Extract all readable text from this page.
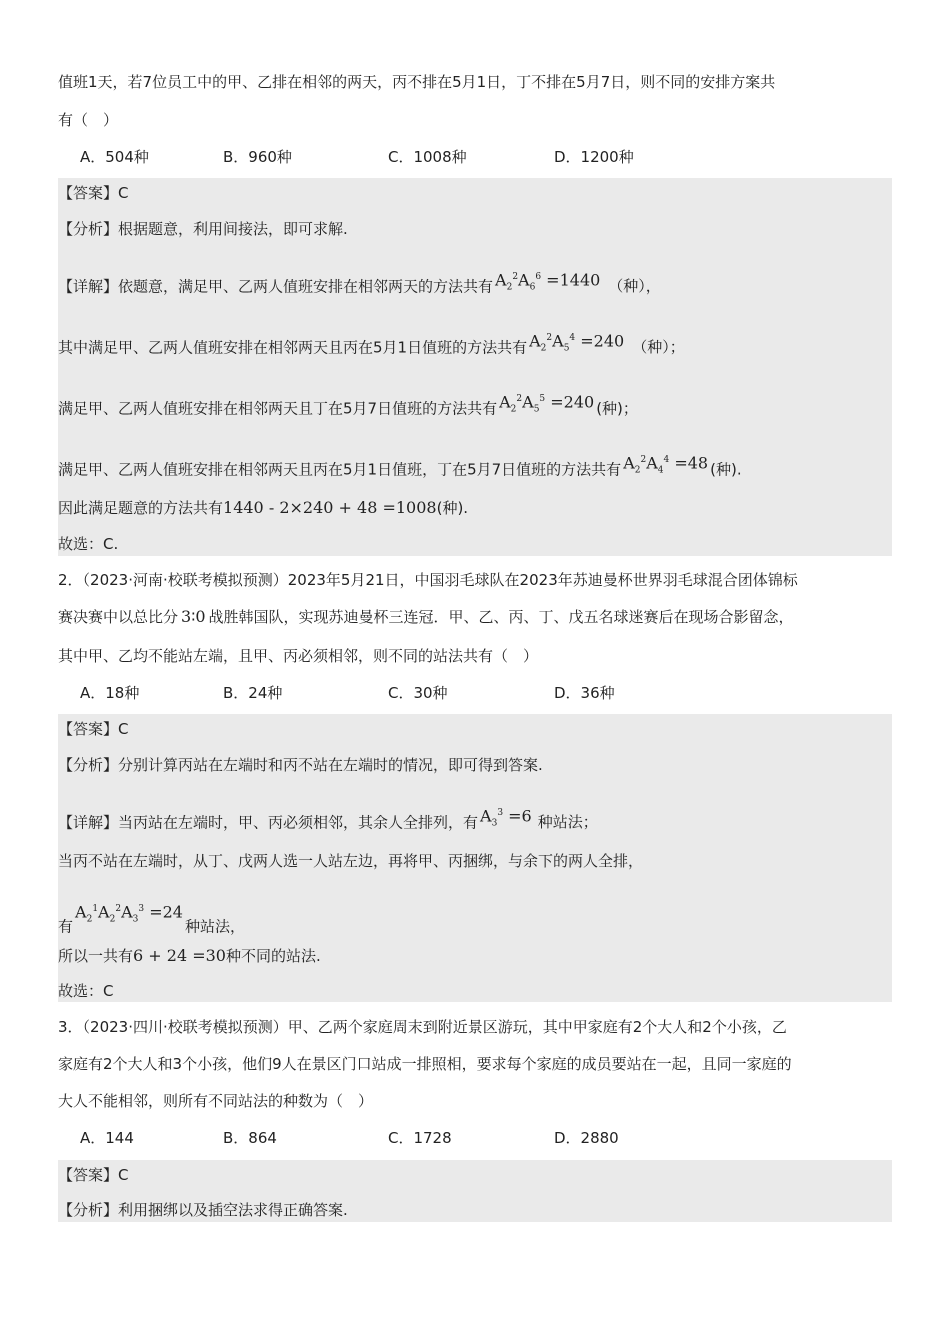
值班1天，若7位员工中的甲、乙排在相邻的两天，丙不排在5月1日，丁不排在5月7日，则不同的安排方案共
有（　）
A．504种	B．960种	C．1008种	D．1200种
【答案】C
【分析】根据题意，利用间接法，即可求解.
【详解】依题意，满足甲、乙两人值班安排在相邻两天的方法共有 $A_2^2A_6^6 =1440$ （种），
其中满足甲、乙两人值班安排在相邻两天且丙在5月1日值班的方法共有 $A_2^2A_5^4 =240$ （种）；
满足甲、乙两人值班安排在相邻两天且丁在5月7日值班的方法共有 $A_2^2A_5^5 =240$ (种)；
满足甲、乙两人值班安排在相邻两天且丙在5月1日值班，丁在5月7日值班的方法共有 $A_2^2A_4^4 =48$ (种).
因此满足题意的方法共有1440 - 2×240 + 48 =1008(种).
故选：C.
2．（2023·河南·校联考模拟预测）2023年5月21日，中国羽毛球队在2023年苏迪曼杯世界羽毛球混合团体锦标
赛决赛中以总比分 3∶0 战胜韩国队，实现苏迪曼杯三连冠．甲、乙、丙、丁、戊五名球迷赛后在现场合影留念，
其中甲、乙均不能站左端，且甲、丙必须相邻，则不同的站法共有（　）
A．18种	B．24种	C．30种	D．36种
【答案】C
【分析】分别计算丙站在左端时和丙不站在左端时的情况，即可得到答案.
【详解】当丙站在左端时，甲、丙必须相邻，其余人全排列，有 $A_3^3 =6$ 种站法；
当丙不站在左端时，从丁、戊两人选一人站左边，再将甲、丙捆绑，与余下的两人全排，
有$A_2^1A_2^2A_3^3 =24$种站法，
所以一共有6 + 24 =30种不同的站法.
故选：C
3．（2023·四川·校联考模拟预测）甲、乙两个家庭周末到附近景区游玩，其中甲家庭有2个大人和2个小孩，乙
家庭有2个大人和3个小孩，他们9人在景区门口站成一排照相，要求每个家庭的成员要站在一起，且同一家庭的
大人不能相邻，则所有不同站法的种数为（　）
A．144	B．864	C．1728	D．2880
【答案】C
【分析】利用捆绑以及插空法求得正确答案.
